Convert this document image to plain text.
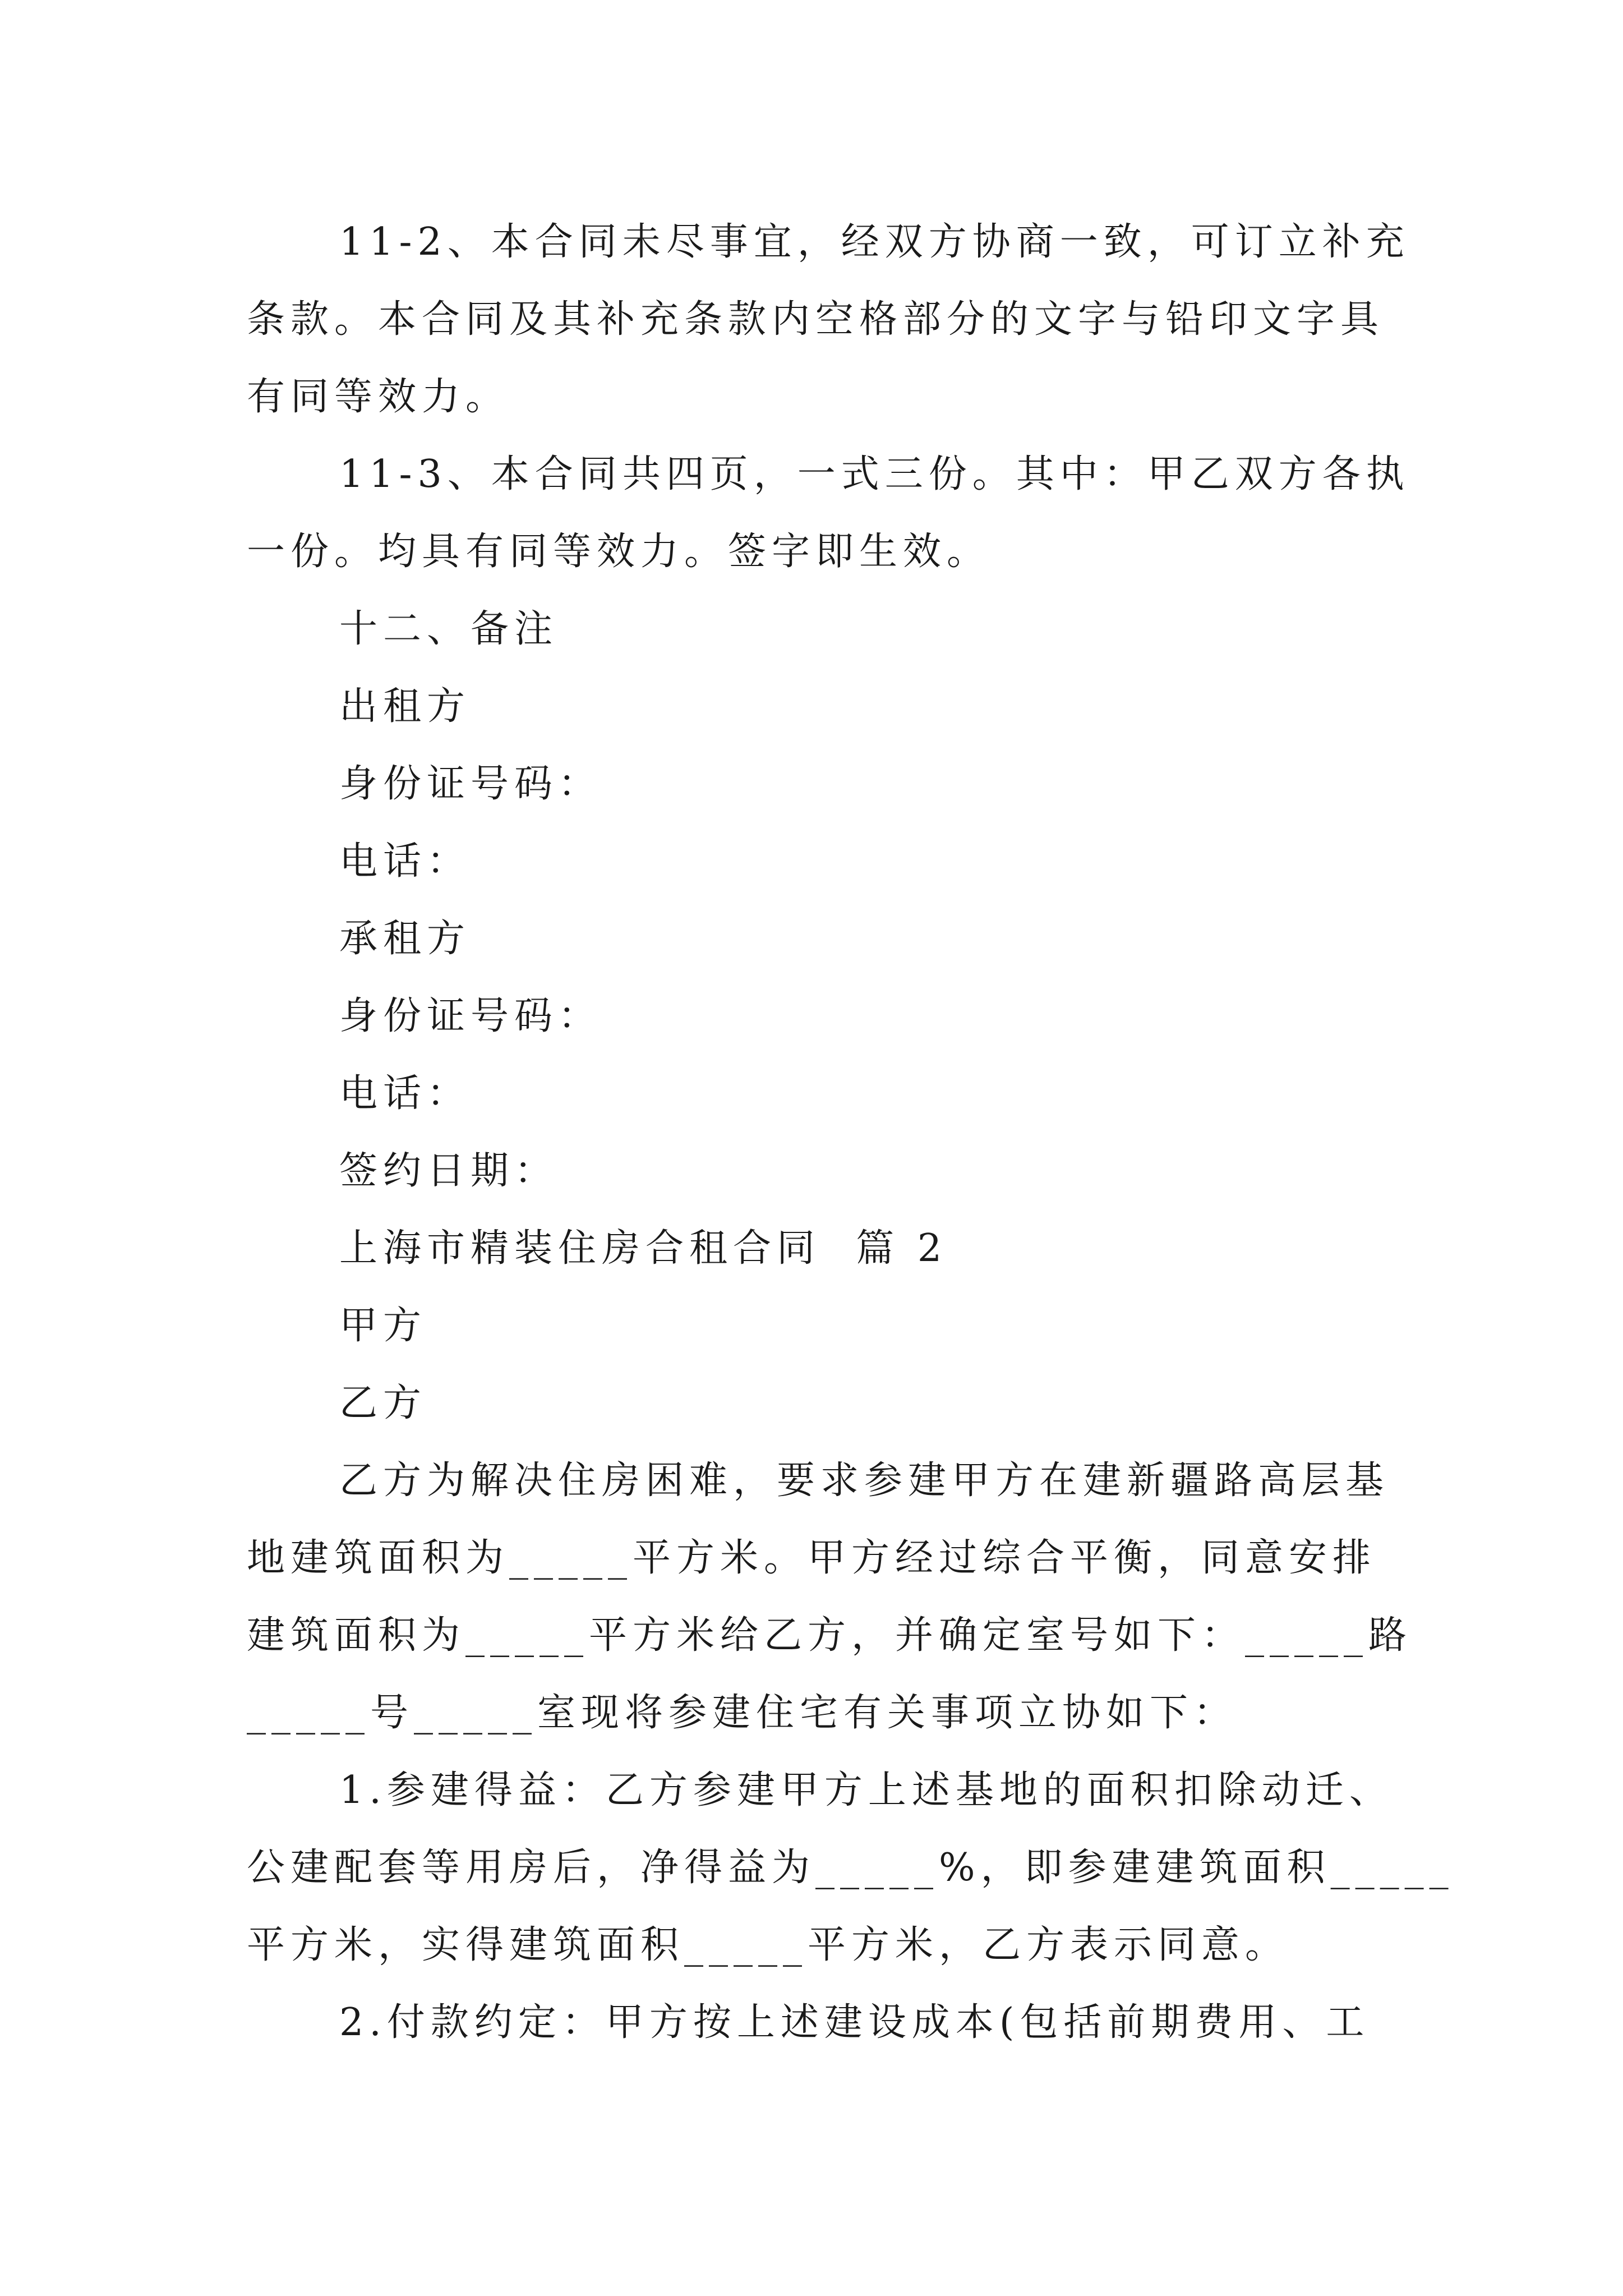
11-2、本合同未尽事宜，经双方协商一致，可订立补充
条款。本合同及其补充条款内空格部分的文字与铅印文字具
有同等效力。
11-3、本合同共四页，一式三份。其中：甲乙双方各执
一份。均具有同等效力。签字即生效。
十二、备注
出租方
身份证号码：
电话：
承租方
身份证号码：
电话：
签约日期：
上海市精装住房合租合同  篇 2
甲方
乙方
乙方为解决住房困难，要求参建甲方在建新疆路高层基
地建筑面积为_____平方米。甲方经过综合平衡，同意安排
建筑面积为_____平方米给乙方，并确定室号如下：_____路
_____号_____室现将参建住宅有关事项立协如下：
1.参建得益：乙方参建甲方上述基地的面积扣除动迁、
公建配套等用房后，净得益为_____%，即参建建筑面积_____
平方米，实得建筑面积_____平方米，乙方表示同意。
2.付款约定：甲方按上述建设成本(包括前期费用、工
